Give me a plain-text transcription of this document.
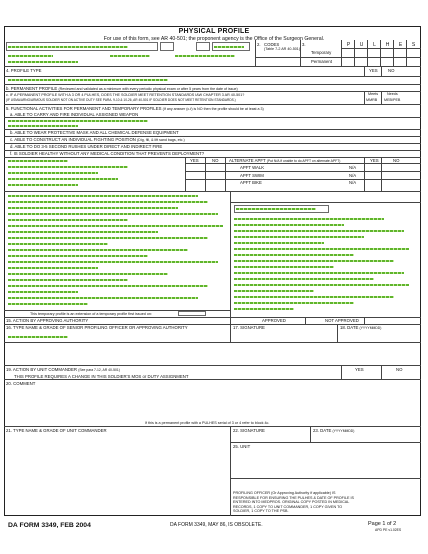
PHYSICAL PROFILE
For use of this form, see AR 40-501; the proponent agency is the Office of the Surgeon General.
2. CODES
(Table 7-2 AR 40-501)
3.
Temporary
Permanent
P	U	L	H	E	S
4. PROFILE TYPE	YES NO
b. PERMANENT PROFILE (Reviewed and validated as a minimum with every periodic physical exam or after 5 years from the date of issue)
c. IF A PERMANENT PROFILE WITH A 3 OR 4 PULHES, DOES THE SOLDIER MEET RETENTION STANDARDS IAW CHAPTER 3 AR 40-501?
(IF USMA/ARNG/ARMOUS SOLDIER NOT ON ACTIVE DUTY SEE PARA. 9-10 & 10-26, AR 40-501 IF SOLDIER DOES NOT MEET RETENTION STANDARDS.)
Meets
MMRB
Needs
MEB/PEB
5. FUNCTIONAL ACTIVITIES FOR PERMANENT AND TEMPORARY PROFILES (If any answer (c-f) is NO then the profile should be at least a 3)
a. ABLE TO CARRY AND FIRE INDIVIDUAL ASSIGNED WEAPON
b. ABLE TO WEAR PROTECTIVE MASK AND ALL CHEMICAL DEFENSE EQUIPMENT
c. ABLE TO CONSTRUCT AN INDIVIDUAL FIGHTING POSITION (Dig, fill, & lift sand bags, etc.)
d. ABLE TO DO 3-5 SECOND RUSHES UNDER DIRECT AND INDIRECT FIRE
f. IS SOLDIER HEALTHY WITHOUT ANY MEDICAL CONDITION THAT PREVENTS DEPLOYMENT?
YES	NO ALTERNATE APFT (Put N/A if unable to do APFT on alternate APFT)	YES	NO
APFT WALK	N/A
APFT SWIM	N/A
APFT BIKE	N/A
This temporary profile is an extension of a temporary profile first issued on:
15. ACTION BY APPROVING AUTHORITY	APPROVED	NOT APPROVED
16. TYPE NAME & GRADE OF SENIOR PROFILING OFFICER OR APPROVING AUTHORITY	17. SIGNATURE	18. DATE (YYYYMMDD)
19. ACTION BY UNIT COMMANDER (See para 7-12, AR 40-501)	YES	NO
THIS PROFILE REQUIRES A CHANGE IN THIS SOLDIER'S MOS or DUTY ASSIGNMENT
20. COMMENT
If this is a permanent profile with a PULHES serial of 3 or 4 refer to block 4c.
21. TYPE NAME & GRADE OF UNIT COMMANDER	22. SIGNATURE	23. DATE (YYYYMMDD)
25. UNIT
PROFILING OFFICER (Or Approving Authority if applicable) IS
RESPONSIBLE FOR ENSURING THE PULHES & DATE OF PROFILE IS
ENTERED INTO MEDPROS. ORIGINAL COPY POSTED IN MEDICAL
RECORDS, 1 COPY TO UNIT COMMANDER, 1 COPY GIVEN TO
SOLDIER, 1 COPY TO THE PSB.
DA FORM 3349, FEB 2004	DA FORM 3349, MAY 86, IS OBSOLETE.	Page 1 of 2
APD PE v1.02ES
